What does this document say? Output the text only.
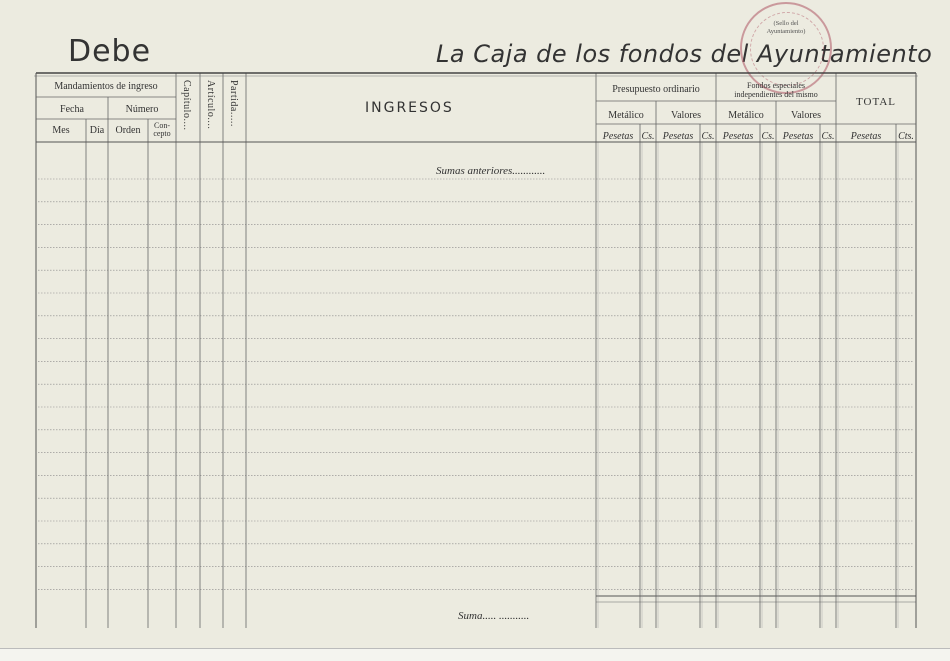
Debe	La Caja de los fondos del Ayuntamiento
(Sello del
Ayuntamiento)
Mandamientos de ingreso
Fecha	Número
Mes	Día	Orden	Con-
cepto
Capítulo.... Artículo.... Partida.....	INGRESOS
Presupuesto ordinario
Metálico	Valores
Fondos especiales
independientes del mismo
Metálico	Valores
TOTAL
Pesetas Cs. Pesetas Cs. Pesetas Cs. Pesetas Cs.	Pesetas	Cts.
Sumas anteriores............
Suma..... ...........
